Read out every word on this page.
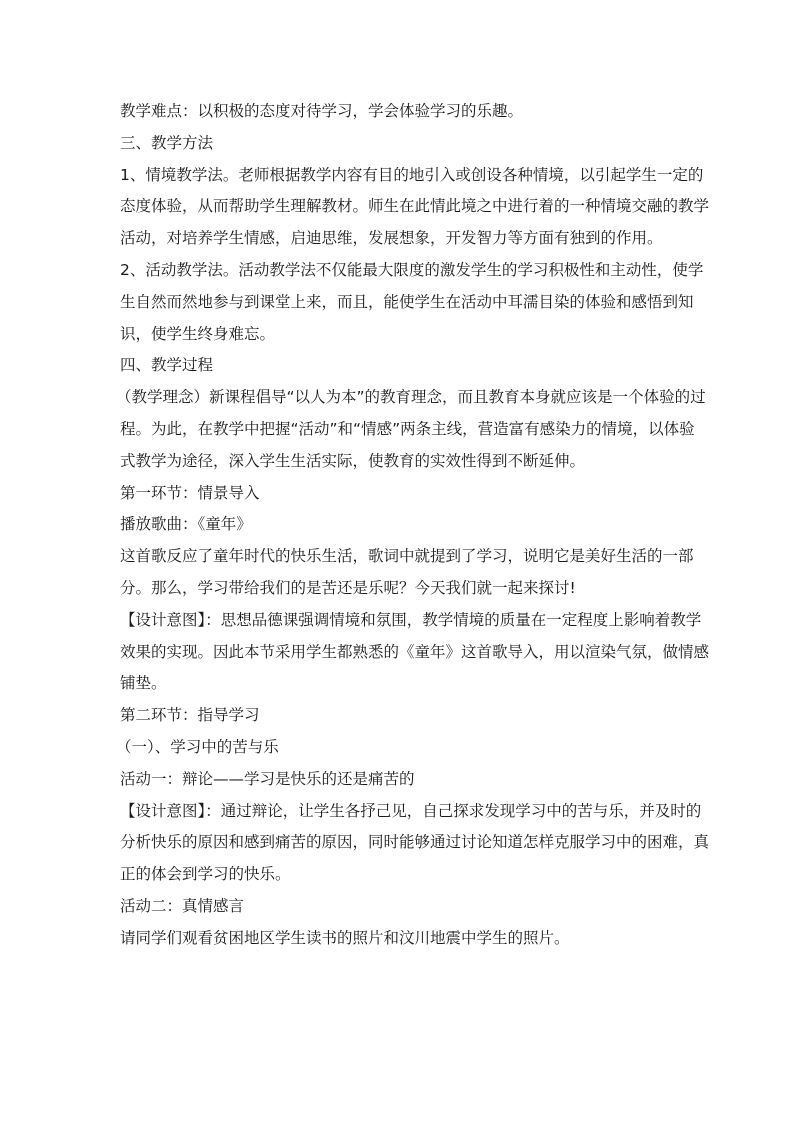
教学难点：以积极的态度对待学习，学会体验学习的乐趣。

三、教学方法

1、情境教学法。老师根据教学内容有目的地引入或创设各种情境，以引起学生一定的态度体验，从而帮助学生理解教材。师生在此情此境之中进行着的一种情境交融的教学活动，对培养学生情感，启迪思维，发展想象，开发智力等方面有独到的作用。

2、活动教学法。活动教学法不仅能最大限度的激发学生的学习积极性和主动性，使学生自然而然地参与到课堂上来，而且，能使学生在活动中耳濡目染的体验和感悟到知识，使学生终身难忘。

四、教学过程

（教学理念）新课程倡导“以人为本”的教育理念，而且教育本身就应该是一个体验的过程。为此，在教学中把握“活动”和“情感”两条主线，营造富有感染力的情境，以体验式教学为途径，深入学生生活实际，使教育的实效性得到不断延伸。

第一环节：情景导入

播放歌曲：《童年》

这首歌反应了童年时代的快乐生活，歌词中就提到了学习，说明它是美好生活的一部分。那么，学习带给我们的是苦还是乐呢？今天我们就一起来探讨!

【设计意图】：思想品德课强调情境和氛围，教学情境的质量在一定程度上影响着教学效果的实现。因此本节采用学生都熟悉的《童年》这首歌导入，用以渲染气氛，做情感铺垫。

第二环节：指导学习

（一）、学习中的苦与乐

活动一：辩论——学习是快乐的还是痛苦的

【设计意图】：通过辩论，让学生各抒己见，自己探求发现学习中的苦与乐，并及时的分析快乐的原因和感到痛苦的原因，同时能够通过讨论知道怎样克服学习中的困难，真正的体会到学习的快乐。

活动二：真情感言

请同学们观看贫困地区学生读书的照片和汶川地震中学生的照片。
